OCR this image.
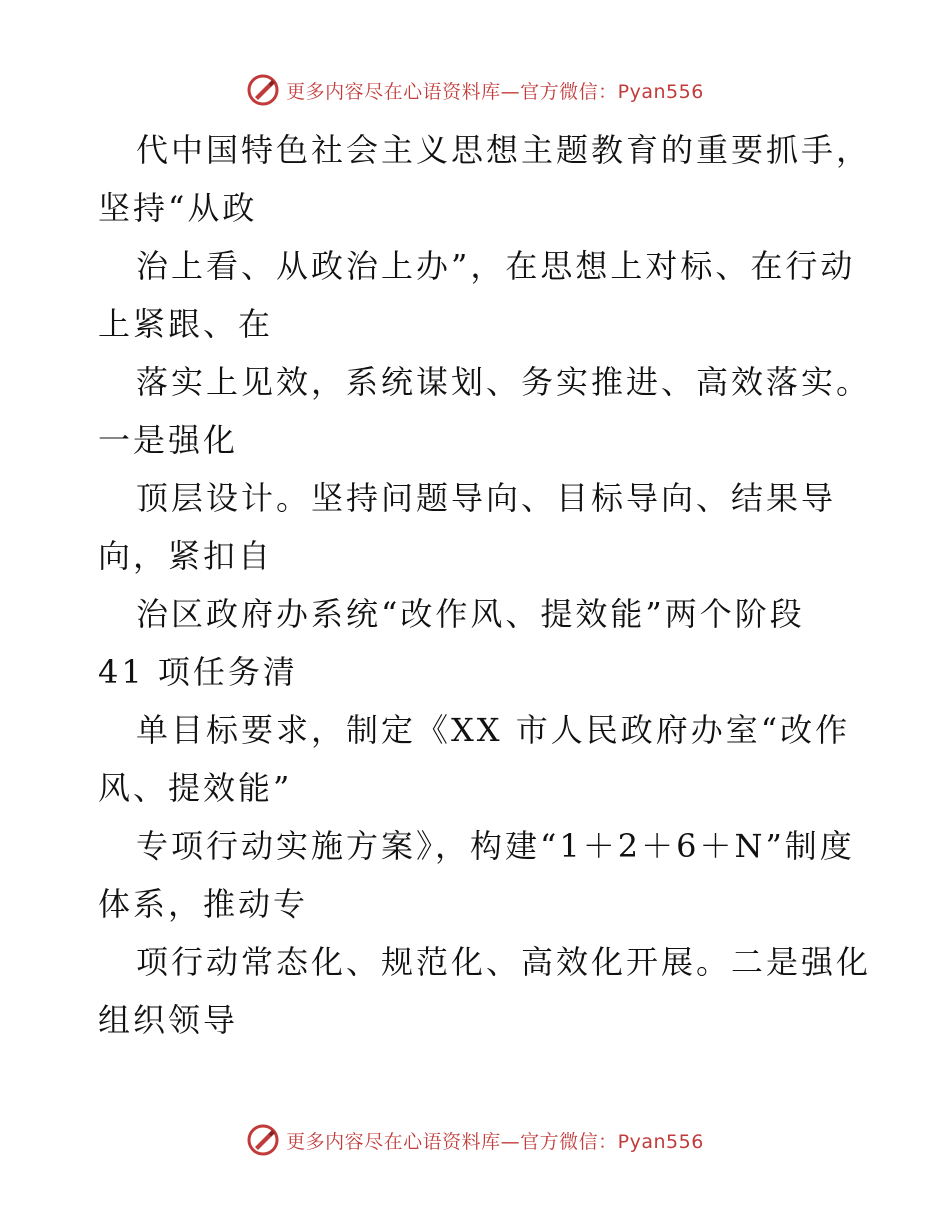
更多内容尽在心语资料库—官方微信：Pyan556
代中国特色社会主义思想主题教育的重要抓手，
坚持“从政
治上看、从政治上办”，在思想上对标、在行动
上紧跟、在
落实上见效，系统谋划、务实推进、高效落实。
一是强化
顶层设计。坚持问题导向、目标导向、结果导
向，紧扣自
治区政府办系统“改作风、提效能”两个阶段
41 项任务清
单目标要求，制定《XX 市人民政府办室“改作
风、提效能”
专项行动实施方案》，构建“1＋2＋6＋N”制度
体系，推动专
项行动常态化、规范化、高效化开展。二是强化
组织领导
更多内容尽在心语资料库—官方微信：Pyan556
